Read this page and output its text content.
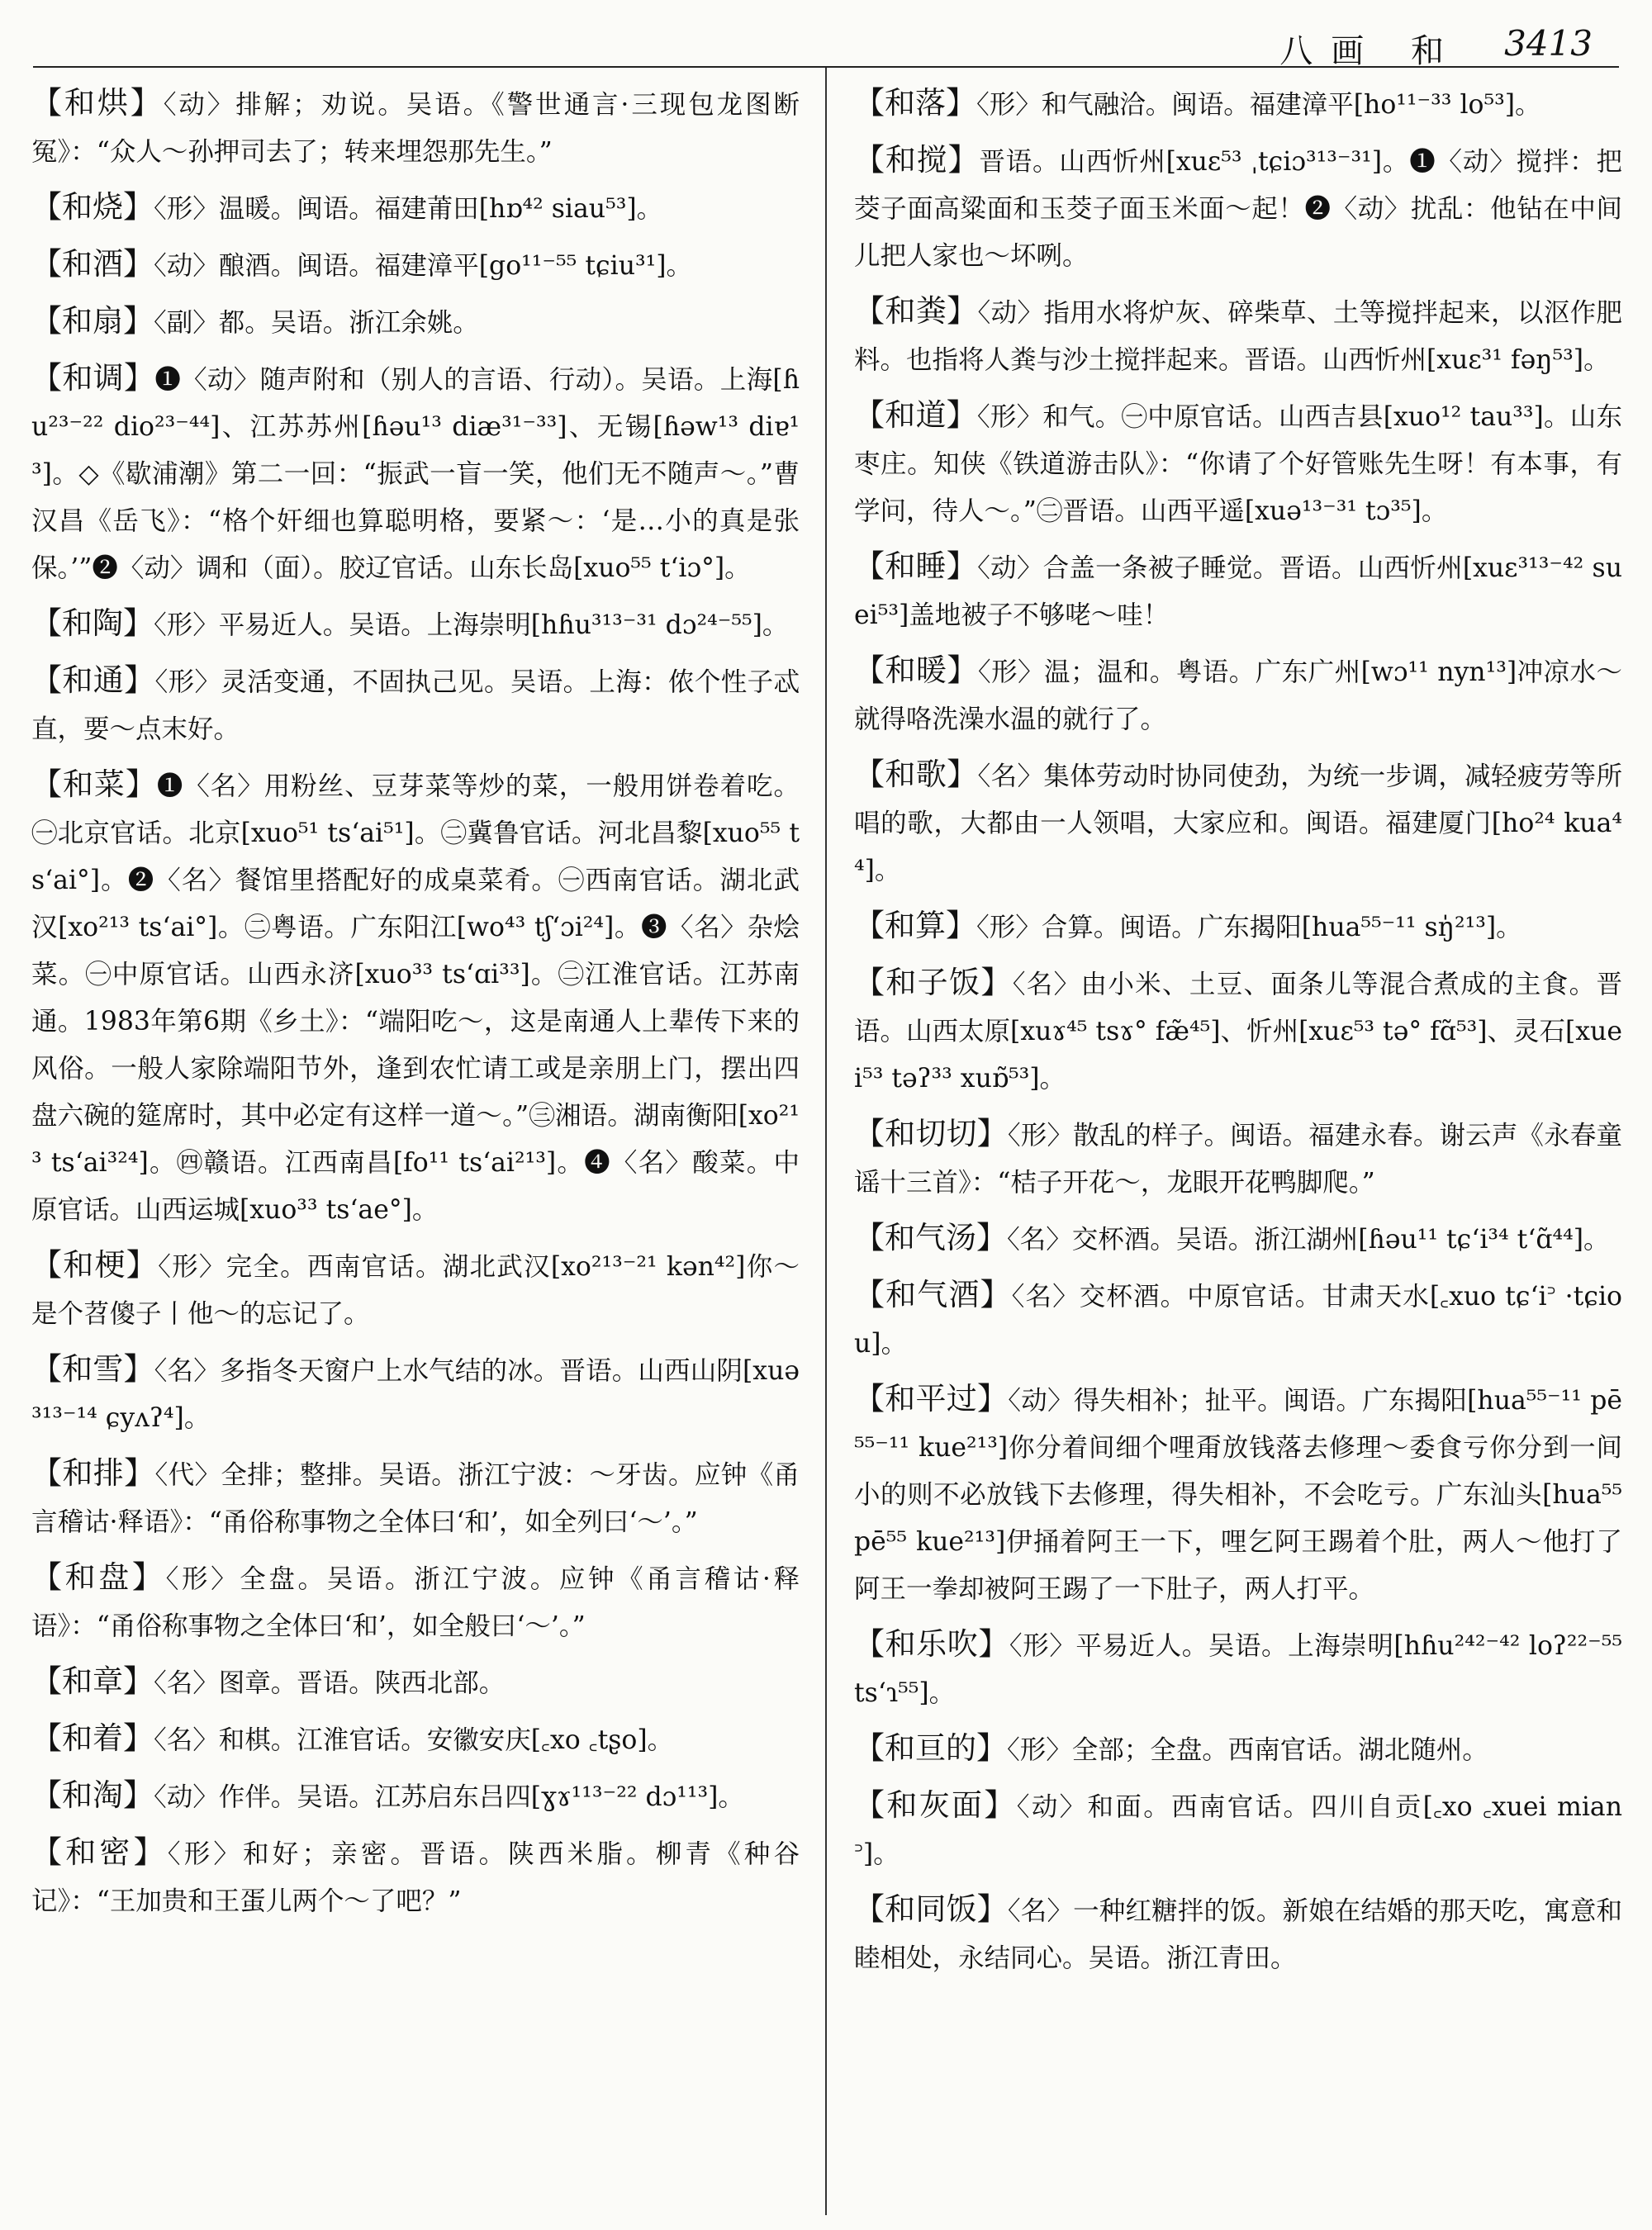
八画 和 3413

【和烘】〈动〉排解；劝说。吴语。《警世通言·三现包龙图断冤》：“众人～孙押司去了；转来埋怨那先生。”

【和烧】〈形〉温暖。闽语。福建莆田[hɒ⁴² siau⁵³]。

【和酒】〈动〉酿酒。闽语。福建漳平[go¹¹⁻⁵⁵ tɕiu³¹]。

【和扇】〈副〉都。吴语。浙江余姚。

【和调】❶〈动〉随声附和（别人的言语、行动）。吴语。上海[ɦu²³⁻²² dio²³⁻⁴⁴]、江苏苏州[ɦəu¹³ diæ³¹⁻³³]、无锡[ɦəw¹³ diɐ¹³]。◇《歇浦潮》第二一回：“振武一盲一笑，他们无不随声～。”曹汉昌《岳飞》：“格个奸细也算聪明格，要紧～：‘是…小的真是张保。’”❷〈动〉调和（面）。胶辽官话。山东长岛[xuo⁵⁵ tʻiɔ°]。

【和陶】〈形〉平易近人。吴语。上海崇明[hɦu³¹³⁻³¹ dɔ²⁴⁻⁵⁵]。

【和通】〈形〉灵活变通，不固执己见。吴语。上海：侬个性子忒直，要～点末好。

【和菜】❶〈名〉用粉丝、豆芽菜等炒的菜，一般用饼卷着吃。㊀北京官话。北京[xuo⁵¹ tsʻai⁵¹]。㊁冀鲁官话。河北昌黎[xuo⁵⁵ tsʻai°]。❷〈名〉餐馆里搭配好的成桌菜肴。㊀西南官话。湖北武汉[xo²¹³ tsʻai°]。㊁粤语。广东阳江[wo⁴³ tʃʻɔi²⁴]。❸〈名〉杂烩菜。㊀中原官话。山西永济[xuo³³ tsʻɑi³³]。㊁江淮官话。江苏南通。1983年第6期《乡土》：“端阳吃～，这是南通人上辈传下来的风俗。一般人家除端阳节外，逢到农忙请工或是亲朋上门，摆出四盘六碗的筵席时，其中必定有这样一道～。”㊂湘语。湖南衡阳[xo²¹³ tsʻai³²⁴]。㊃赣语。江西南昌[fo¹¹ tsʻai²¹³]。❹〈名〉酸菜。中原官话。山西运城[xuo³³ tsʻae°]。

【和梗】〈形〉完全。西南官话。湖北武汉[xo²¹³⁻²¹ kən⁴²]你～是个苕傻子丨他～的忘记了。

【和雪】〈名〉多指冬天窗户上水气结的冰。晋语。山西山阴[xuə³¹³⁻¹⁴ ɕyʌʔ⁴]。

【和排】〈代〉全排；整排。吴语。浙江宁波：～牙齿。应钟《甬言稽诂·释语》：“甬俗称事物之全体曰‘和’，如全列曰‘～’。”

【和盘】〈形〉全盘。吴语。浙江宁波。应钟《甬言稽诂·释语》：“甬俗称事物之全体曰‘和’，如全般曰‘～’。”

【和章】〈名〉图章。晋语。陕西北部。

【和着】〈名〉和棋。江淮官话。安徽安庆[꜀xo ꜀tʂo]。

【和淘】〈动〉作伴。吴语。江苏启东吕四[ɣɤ¹¹³⁻²² dɔ¹¹³]。

【和密】〈形〉和好；亲密。晋语。陕西米脂。柳青《种谷记》：“王加贵和王蛋儿两个～了吧？”

【和落】〈形〉和气融洽。闽语。福建漳平[ho¹¹⁻³³ lo⁵³]。

【和搅】晋语。山西忻州[xuɛ⁵³ ˌtɕiɔ³¹³⁻³¹]。❶〈动〉搅拌：把茭子面高粱面和玉茭子面玉米面～起！❷〈动〉扰乱：他钻在中间儿把人家也～坏咧。

【和粪】〈动〉指用水将炉灰、碎柴草、土等搅拌起来，以沤作肥料。也指将人粪与沙土搅拌起来。晋语。山西忻州[xuɛ³¹ fəŋ⁵³]。

【和道】〈形〉和气。㊀中原官话。山西吉县[xuo¹² tau³³]。山东枣庄。知侠《铁道游击队》：“你请了个好管账先生呀！有本事，有学问，待人～。”㊁晋语。山西平遥[xuə¹³⁻³¹ tɔ³⁵]。

【和睡】〈动〉合盖一条被子睡觉。晋语。山西忻州[xuɛ³¹³⁻⁴² suei⁵³]盖地被子不够咾～哇！

【和暖】〈形〉温；温和。粤语。广东广州[wɔ¹¹ nyn¹³]冲凉水～就得咯洗澡水温的就行了。

【和歌】〈名〉集体劳动时协同使劲，为统一步调，减轻疲劳等所唱的歌，大都由一人领唱，大家应和。闽语。福建厦门[ho²⁴ kua⁴⁴]。

【和算】〈形〉合算。闽语。广东揭阳[hua⁵⁵⁻¹¹ sŋ̍²¹³]。

【和子饭】〈名〉由小米、土豆、面条儿等混合煮成的主食。晋语。山西太原[xuɤ⁴⁵ tsɤ° fæ̃⁴⁵]、忻州[xuɛ⁵³ tə° fɑ̃⁵³]、灵石[xuei⁵³ təʔ³³ xuɒ̃⁵³]。

【和切切】〈形〉散乱的样子。闽语。福建永春。谢云声《永春童谣十三首》：“桔子开花～，龙眼开花鸭脚爬。”

【和气汤】〈名〉交杯酒。吴语。浙江湖州[ɦəu¹¹ tɕʻi³⁴ tʻɑ̃⁴⁴]。

【和气酒】〈名〉交杯酒。中原官话。甘肃天水[꜀xuo tɕʻi꜄ ·tɕiou]。

【和平过】〈动〉得失相补；扯平。闽语。广东揭阳[hua⁵⁵⁻¹¹ pē⁵⁵⁻¹¹ kue²¹³]你分着间细个哩甭放钱落去修理～委食亏你分到一间小的则不必放钱下去修理，得失相补，不会吃亏。广东汕头[hua⁵⁵ pē⁵⁵ kue²¹³]伊捅着阿王一下，哩乞阿王踢着个肚，两人～他打了阿王一拳却被阿王踢了一下肚子，两人打平。

【和乐吹】〈形〉平易近人。吴语。上海崇明[hɦu²⁴²⁻⁴² loʔ²²⁻⁵⁵ tsʻɿ⁵⁵]。

【和亘的】〈形〉全部；全盘。西南官话。湖北随州。

【和灰面】〈动〉和面。西南官话。四川自贡[꜀xo ꜀xuei mian꜄]。

【和同饭】〈名〉一种红糖拌的饭。新娘在结婚的那天吃，寓意和睦相处，永结同心。吴语。浙江青田。
